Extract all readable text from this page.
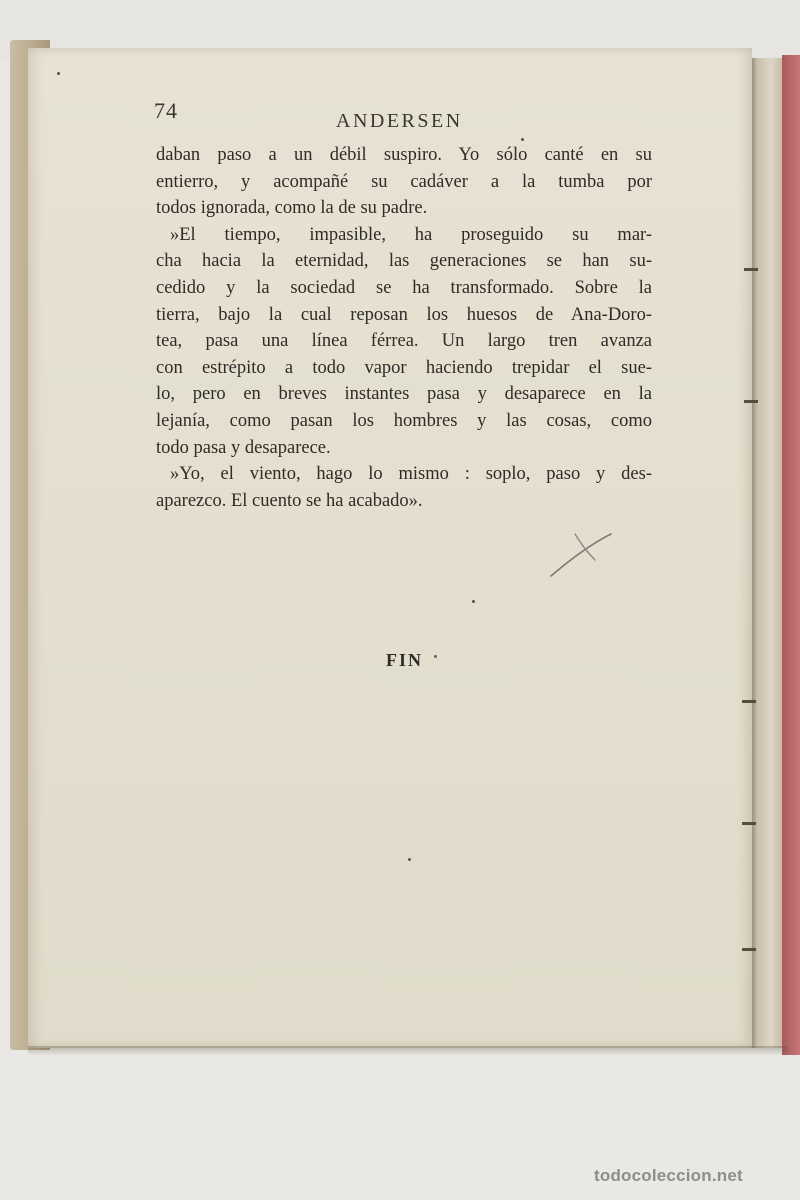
74	ANDERSEN
daban paso a un débil suspiro. Yo sólo canté en su
entierro, y acompañé su cadáver a la tumba por
todos ignorada, como la de su padre.
»El tiempo, impasible, ha proseguido su mar-
cha hacia la eternidad, las generaciones se han su-
cedido y la sociedad se ha transformado. Sobre la
tierra, bajo la cual reposan los huesos de Ana-Doro-
tea, pasa una línea férrea. Un largo tren avanza
con estrépito a todo vapor haciendo trepidar el sue-
lo, pero en breves instantes pasa y desaparece en la
lejanía, como pasan los hombres y las cosas, como
todo pasa y desaparece.
»Yo, el viento, hago lo mismo : soplo, paso y des-
aparezco. El cuento se ha acabado».
FIN
todocoleccion.net
